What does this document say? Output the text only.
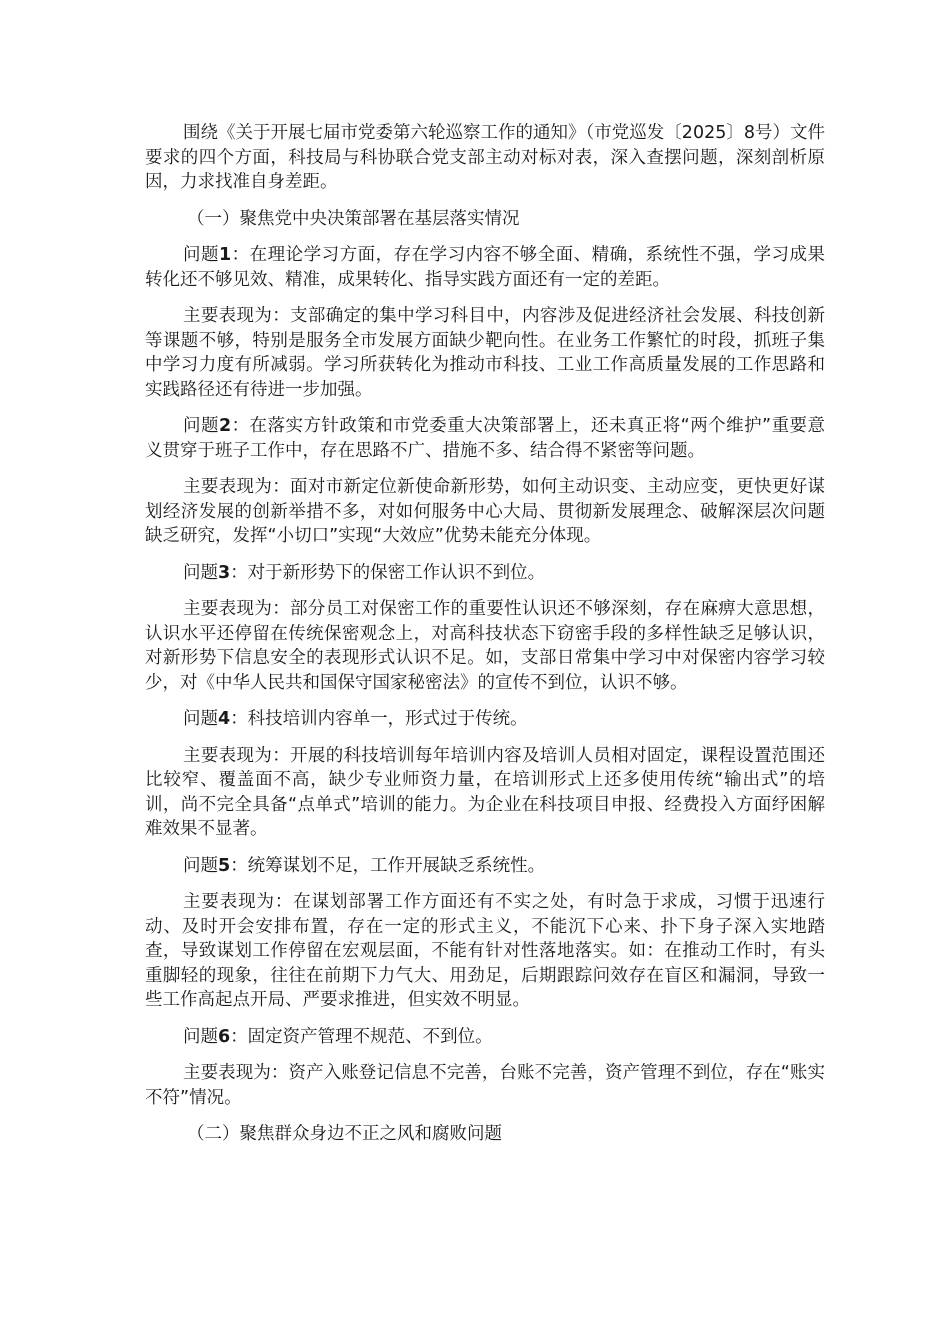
围绕《关于开展七届市党委第六轮巡察工作的通知》（市党巡发〔2025〕8号）文件要求的四个方面，科技局与科协联合党支部主动对标对表，深入查摆问题，深刻剖析原因，力求找准自身差距。

（一）聚焦党中央决策部署在基层落实情况

问题1：在理论学习方面，存在学习内容不够全面、精确，系统性不强，学习成果转化还不够见效、精准，成果转化、指导实践方面还有一定的差距。

主要表现为：支部确定的集中学习科目中，内容涉及促进经济社会发展、科技创新等课题不够，特别是服务全市发展方面缺少靶向性。在业务工作繁忙的时段，抓班子集中学习力度有所减弱。学习所获转化为推动市科技、工业工作高质量发展的工作思路和实践路径还有待进一步加强。

问题2：在落实方针政策和市党委重大决策部署上，还未真正将“两个维护”重要意义贯穿于班子工作中，存在思路不广、措施不多、结合得不紧密等问题。

主要表现为：面对市新定位新使命新形势，如何主动识变、主动应变，更快更好谋划经济发展的创新举措不多，对如何服务中心大局、贯彻新发展理念、破解深层次问题缺乏研究，发挥“小切口”实现“大效应”优势未能充分体现。

问题3：对于新形势下的保密工作认识不到位。

主要表现为：部分员工对保密工作的重要性认识还不够深刻，存在麻痹大意思想，认识水平还停留在传统保密观念上，对高科技状态下窃密手段的多样性缺乏足够认识，对新形势下信息安全的表现形式认识不足。如，支部日常集中学习中对保密内容学习较少，对《中华人民共和国保守国家秘密法》的宣传不到位，认识不够。

问题4：科技培训内容单一，形式过于传统。

主要表现为：开展的科技培训每年培训内容及培训人员相对固定，课程设置范围还比较窄、覆盖面不高，缺少专业师资力量，在培训形式上还多使用传统“输出式”的培训，尚不完全具备“点单式”培训的能力。为企业在科技项目申报、经费投入方面纾困解难效果不显著。

问题5：统筹谋划不足，工作开展缺乏系统性。

主要表现为：在谋划部署工作方面还有不实之处，有时急于求成，习惯于迅速行动、及时开会安排布置，存在一定的形式主义，不能沉下心来、扑下身子深入实地踏查，导致谋划工作停留在宏观层面，不能有针对性落地落实。如：在推动工作时，有头重脚轻的现象，往往在前期下力气大、用劲足，后期跟踪问效存在盲区和漏洞，导致一些工作高起点开局、严要求推进，但实效不明显。

问题6：固定资产管理不规范、不到位。

主要表现为：资产入账登记信息不完善，台账不完善，资产管理不到位，存在“账实不符”情况。

（二）聚焦群众身边不正之风和腐败问题
